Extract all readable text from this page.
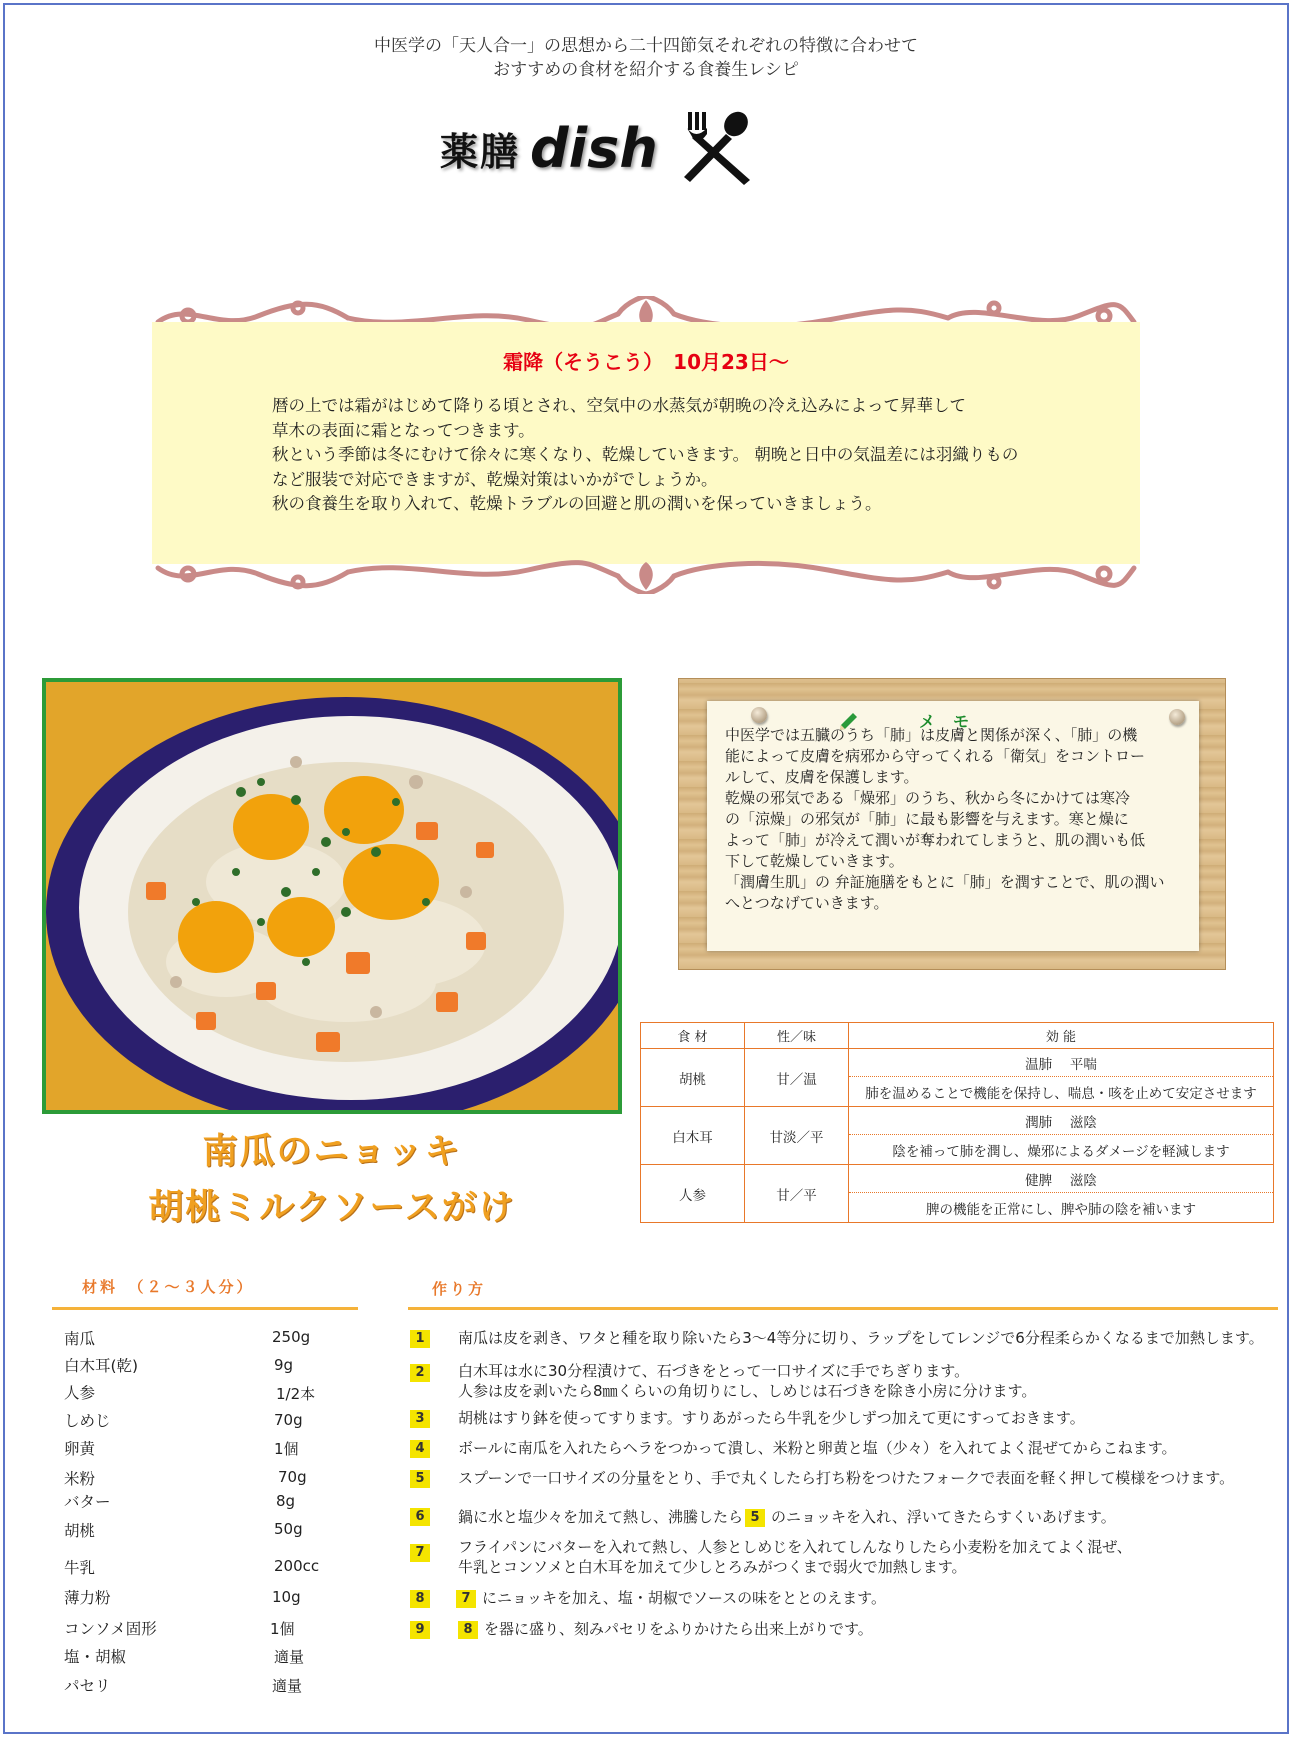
中医学の「天人合一」の思想から二十四節気それぞれの特徴に合わせて
おすすめの食材を紹介する食養生レシピ
薬膳 dish
霜降（そうこう）　10月23日～
暦の上では霜がはじめて降りる頃とされ、空気中の水蒸気が朝晩の冷え込みによって昇華して
草木の表面に霜となってつきます。
秋という季節は冬にむけて徐々に寒くなり、乾燥していきます。 朝晩と日中の気温差には羽織りもの
など服装で対応できますが、乾燥対策はいかがでしょうか。
秋の食養生を取り入れて、乾燥トラブルの回避と肌の潤いを保っていきましょう。
南瓜のニョッキ
胡桃ミルクソースがけ
メモ
中医学では五臓のうち「肺」は皮膚と関係が深く、「肺」の機
能によって皮膚を病邪から守ってくれる「衛気」をコントロー
ルして、皮膚を保護します。
乾燥の邪気である「燥邪」のうち、秋から冬にかけては寒冷
の「涼燥」の邪気が「肺」に最も影響を与えます。寒と燥に
よって「肺」が冷えて潤いが奪われてしまうと、肌の潤いも低
下して乾燥していきます。
「潤膚生肌」の 弁証施膳をもとに「肺」を潤すことで、肌の潤い
へとつなげていきます。
食 材	性／味	効 能
胡桃	甘／温	温肺　 平喘
		肺を温めることで機能を保持し、喘息・咳を止めて安定させます
白木耳	甘淡／平	潤肺　 滋陰
		陰を補って肺を潤し、燥邪によるダメージを軽減します
人参	甘／平	健脾　 滋陰
		脾の機能を正常にし、脾や肺の陰を補います
材料　（２～３人分）	作り方
南瓜	250g
白木耳(乾)	9g
人参	1/2本
しめじ	70g
卵黄	1個
米粉	70g
バター	8g
胡桃	50g
牛乳	200cc
薄力粉	10g
コンソメ固形	1個
塩・胡椒	適量
パセリ	適量
1	南瓜は皮を剥き、ワタと種を取り除いたら3～4等分に切り、ラップをしてレンジで6分程柔らかくなるまで加熱します。
2	白木耳は水に30分程漬けて、石づきをとって一口サイズに手でちぎります。
人参は皮を剥いたら8㎜くらいの角切りにし、しめじは石づきを除き小房に分けます。
3	胡桃はすり鉢を使ってすります。すりあがったら牛乳を少しずつ加えて更にすっておきます。
4	ボールに南瓜を入れたらヘラをつかって潰し、米粉と卵黄と塩（少々）を入れてよく混ぜてからこねます。
5	スプーンで一口サイズの分量をとり、手で丸くしたら打ち粉をつけたフォークで表面を軽く押して模様をつけます。
6	鍋に水と塩少々を加えて熱し、沸騰したら 5 のニョッキを入れ、浮いてきたらすくいあげます。
7	フライパンにバターを入れて熱し、人参としめじを入れてしんなりしたら小麦粉を加えてよく混ぜ、
牛乳とコンソメと白木耳を加えて少しとろみがつくまで弱火で加熱します。
8	7 にニョッキを加え、塩・胡椒でソースの味をととのえます。
9	8 を器に盛り、刻みパセリをふりかけたら出来上がりです。
